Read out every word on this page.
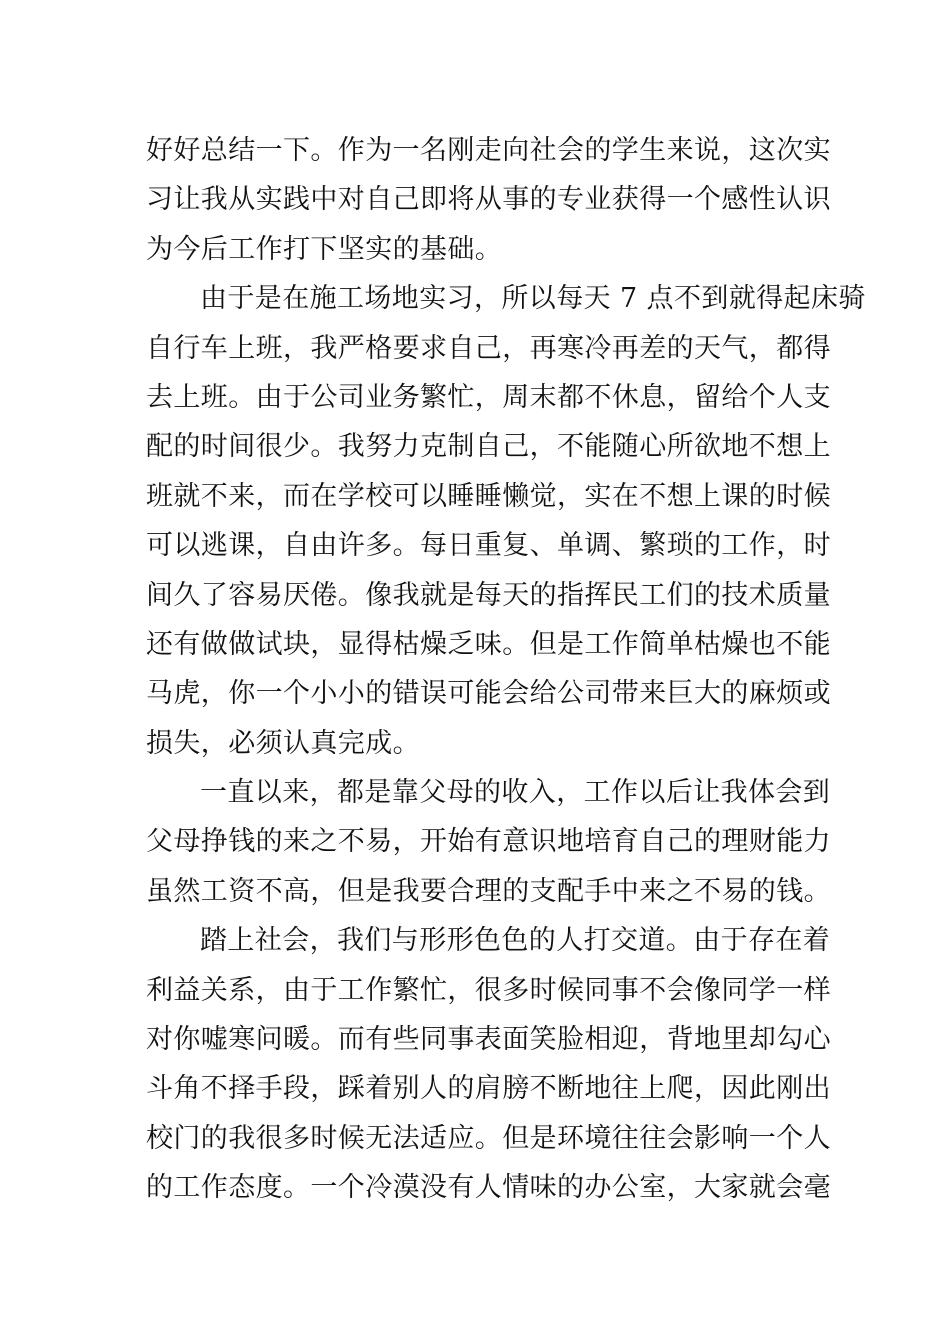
好好总结一下。作为一名刚走向社会的学生来说，这次实
习让我从实践中对自己即将从事的专业获得一个感性认识
为今后工作打下坚实的基础。
由于是在施工场地实习，所以每天 7 点不到就得起床骑
自行车上班，我严格要求自己，再寒冷再差的天气，都得
去上班。由于公司业务繁忙，周末都不休息，留给个人支
配的时间很少。我努力克制自己，不能随心所欲地不想上
班就不来，而在学校可以睡睡懒觉，实在不想上课的时候
可以逃课，自由许多。每日重复、单调、繁琐的工作，时
间久了容易厌倦。像我就是每天的指挥民工们的技术质量
还有做做试块，显得枯燥乏味。但是工作简单枯燥也不能
马虎，你一个小小的错误可能会给公司带来巨大的麻烦或
损失，必须认真完成。
一直以来，都是靠父母的收入，工作以后让我体会到
父母挣钱的来之不易，开始有意识地培育自己的理财能力
虽然工资不高，但是我要合理的支配手中来之不易的钱。
踏上社会，我们与形形色色的人打交道。由于存在着
利益关系，由于工作繁忙，很多时候同事不会像同学一样
对你嘘寒问暖。而有些同事表面笑脸相迎，背地里却勾心
斗角不择手段，踩着别人的肩膀不断地往上爬，因此刚出
校门的我很多时候无法适应。但是环境往往会影响一个人
的工作态度。一个冷漠没有人情味的办公室，大家就会毫
